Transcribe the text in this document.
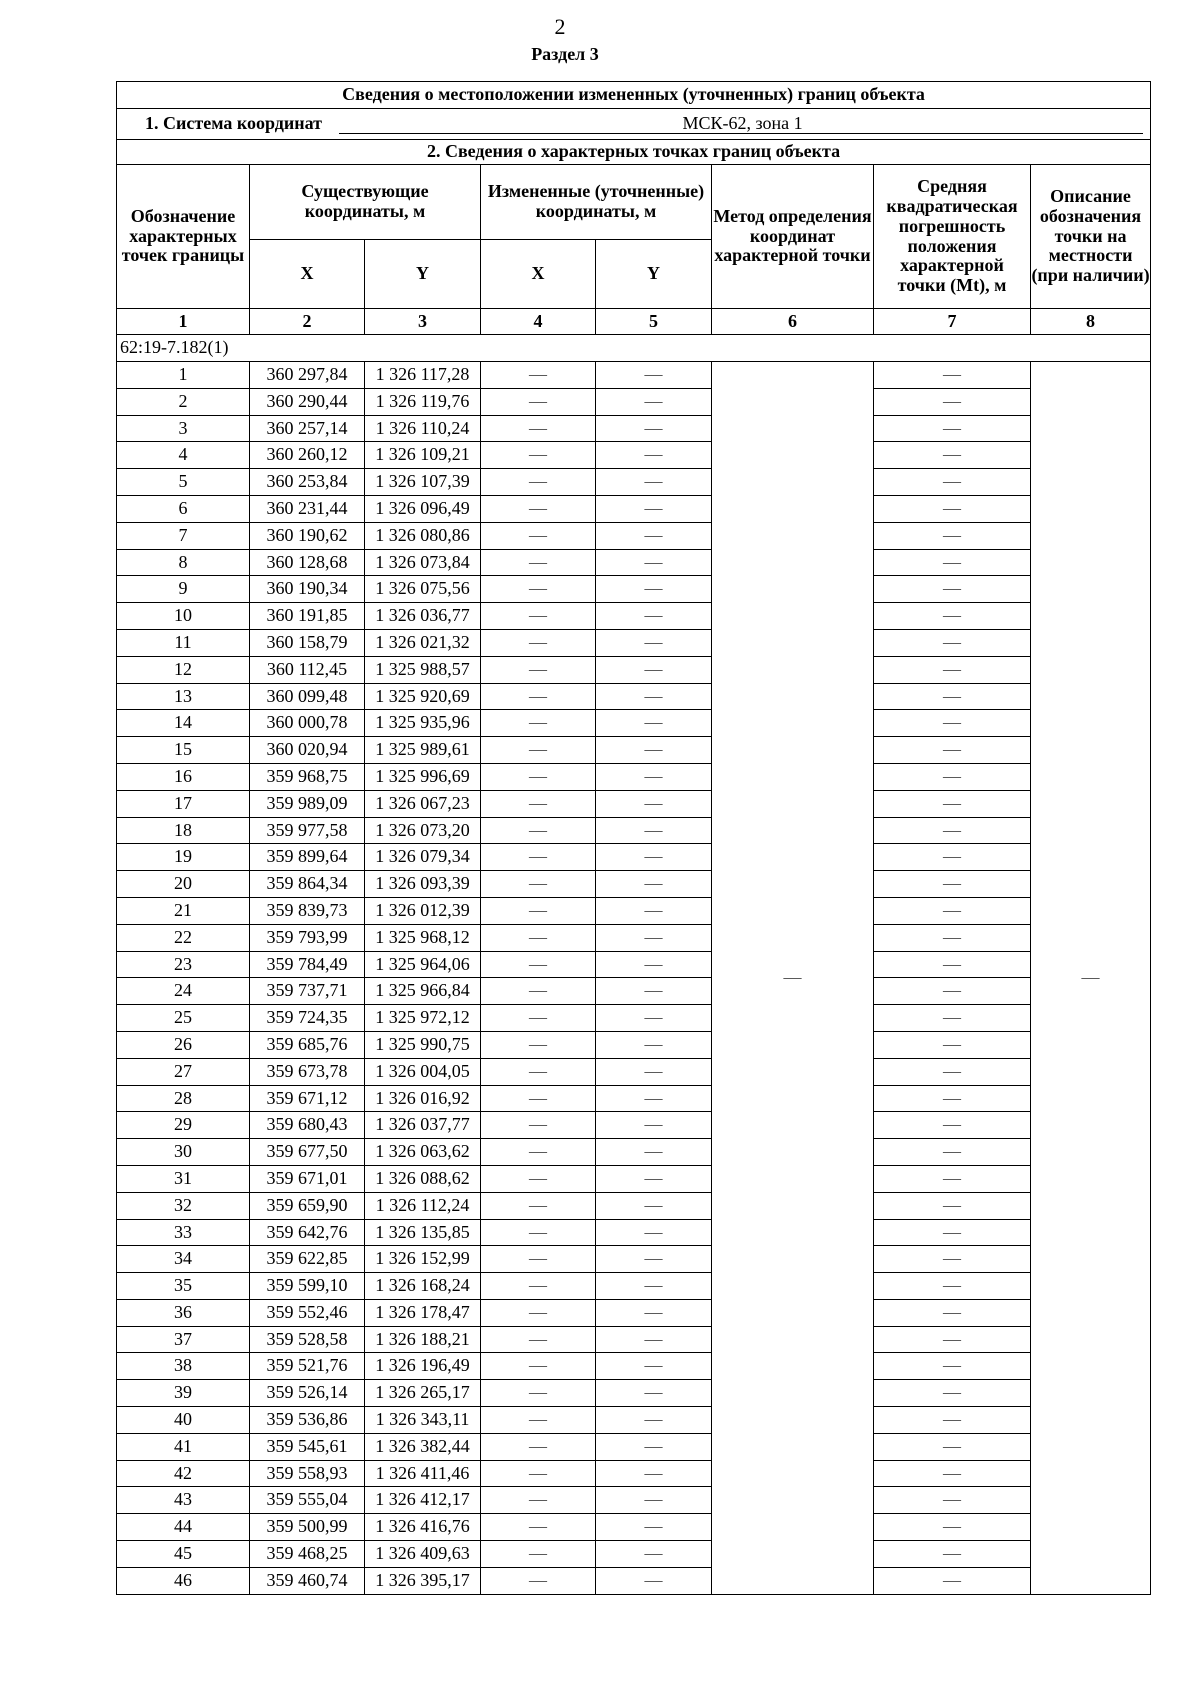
2
Раздел 3
Сведения о местоположении измененных (уточненных) границ объекта							
1. Система координат МСК-62, зона 1							
2. Сведения о характерных точках границ объекта							
Обозначение характерных точек границы	Существующие координаты, м		Измененные (уточненные) координаты, м		Метод определения координат характерной точки	Средняя квадратическая погрешность положения характерной точки (Mt), м	Описание обозначения точки на местности (при наличии)
	X	Y	X	Y			
1	2	3	4	5	6	7	8
62:19-7.182(1)							
1	360 297,84	1 326 117,28	—	—	—	—	—
2	360 290,44	1 326 119,76	—	—		—	
3	360 257,14	1 326 110,24	—	—		—	
4	360 260,12	1 326 109,21	—	—		—	
5	360 253,84	1 326 107,39	—	—		—	
6	360 231,44	1 326 096,49	—	—		—	
7	360 190,62	1 326 080,86	—	—		—	
8	360 128,68	1 326 073,84	—	—		—	
9	360 190,34	1 326 075,56	—	—		—	
10	360 191,85	1 326 036,77	—	—		—	
11	360 158,79	1 326 021,32	—	—		—	
12	360 112,45	1 325 988,57	—	—		—	
13	360 099,48	1 325 920,69	—	—		—	
14	360 000,78	1 325 935,96	—	—		—	
15	360 020,94	1 325 989,61	—	—		—	
16	359 968,75	1 325 996,69	—	—		—	
17	359 989,09	1 326 067,23	—	—		—	
18	359 977,58	1 326 073,20	—	—		—	
19	359 899,64	1 326 079,34	—	—		—	
20	359 864,34	1 326 093,39	—	—		—	
21	359 839,73	1 326 012,39	—	—		—	
22	359 793,99	1 325 968,12	—	—		—	
23	359 784,49	1 325 964,06	—	—		—	
24	359 737,71	1 325 966,84	—	—		—	
25	359 724,35	1 325 972,12	—	—		—	
26	359 685,76	1 325 990,75	—	—		—	
27	359 673,78	1 326 004,05	—	—		—	
28	359 671,12	1 326 016,92	—	—		—	
29	359 680,43	1 326 037,77	—	—		—	
30	359 677,50	1 326 063,62	—	—		—	
31	359 671,01	1 326 088,62	—	—		—	
32	359 659,90	1 326 112,24	—	—		—	
33	359 642,76	1 326 135,85	—	—		—	
34	359 622,85	1 326 152,99	—	—		—	
35	359 599,10	1 326 168,24	—	—		—	
36	359 552,46	1 326 178,47	—	—		—	
37	359 528,58	1 326 188,21	—	—		—	
38	359 521,76	1 326 196,49	—	—		—	
39	359 526,14	1 326 265,17	—	—		—	
40	359 536,86	1 326 343,11	—	—		—	
41	359 545,61	1 326 382,44	—	—		—	
42	359 558,93	1 326 411,46	—	—		—	
43	359 555,04	1 326 412,17	—	—		—	
44	359 500,99	1 326 416,76	—	—		—	
45	359 468,25	1 326 409,63	—	—		—	
46	359 460,74	1 326 395,17	—	—		—	
